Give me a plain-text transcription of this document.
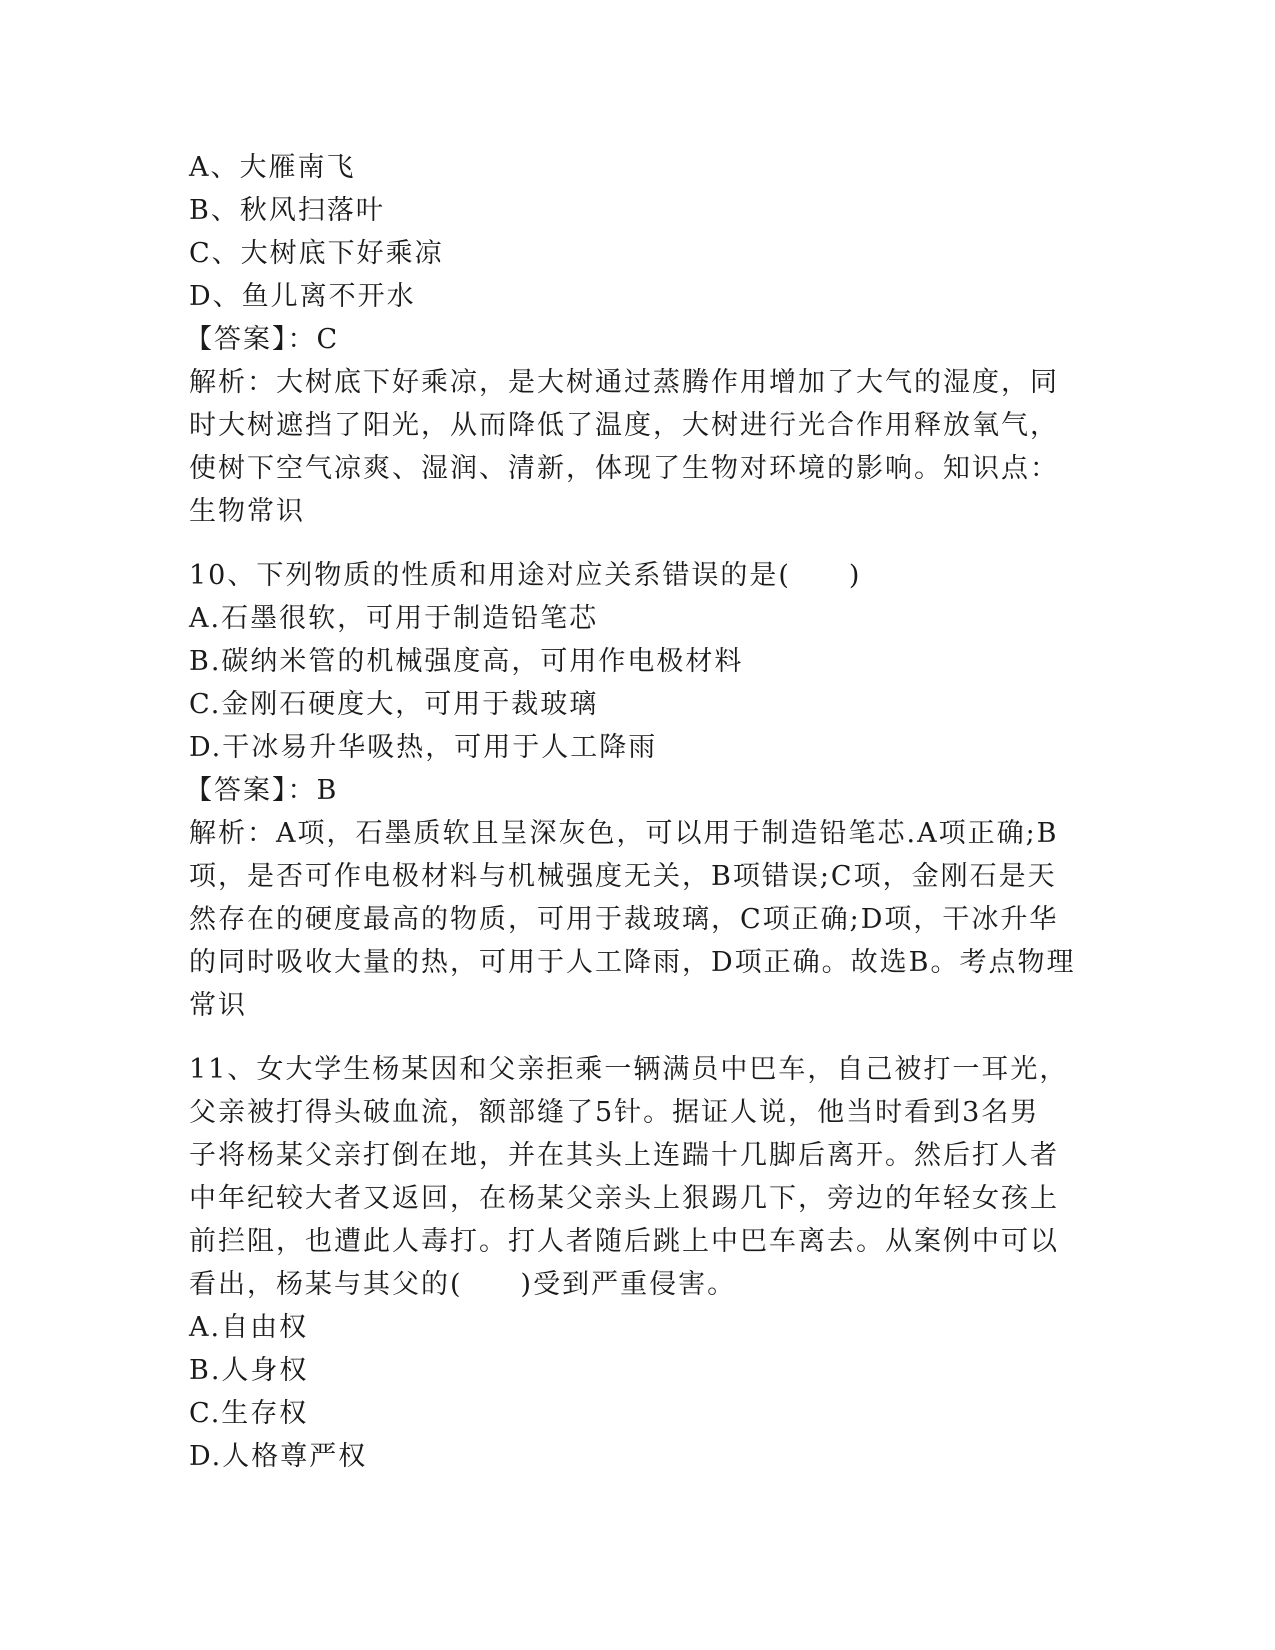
A、大雁南飞
B、秋风扫落叶
C、大树底下好乘凉
D、鱼儿离不开水
【答案】：C
解析：大树底下好乘凉，是大树通过蒸腾作用增加了大气的湿度，同
时大树遮挡了阳光，从而降低了温度，大树进行光合作用释放氧气，
使树下空气凉爽、湿润、清新，体现了生物对环境的影响。知识点：
生物常识
10、下列物质的性质和用途对应关系错误的是(　　)
A.石墨很软，可用于制造铅笔芯
B.碳纳米管的机械强度高，可用作电极材料
C.金刚石硬度大，可用于裁玻璃
D.干冰易升华吸热，可用于人工降雨
【答案】：B
解析：A项，石墨质软且呈深灰色，可以用于制造铅笔芯.A项正确;B
项，是否可作电极材料与机械强度无关，B项错误;C项，金刚石是天
然存在的硬度最高的物质，可用于裁玻璃，C项正确;D项，干冰升华
的同时吸收大量的热，可用于人工降雨，D项正确。故选B。考点物理
常识
11、女大学生杨某因和父亲拒乘一辆满员中巴车，自己被打一耳光，
父亲被打得头破血流，额部缝了5针。据证人说，他当时看到3名男
子将杨某父亲打倒在地，并在其头上连踹十几脚后离开。然后打人者
中年纪较大者又返回，在杨某父亲头上狠踢几下，旁边的年轻女孩上
前拦阻，也遭此人毒打。打人者随后跳上中巴车离去。从案例中可以
看出，杨某与其父的(　　)受到严重侵害。
A.自由权
B.人身权
C.生存权
D.人格尊严权
